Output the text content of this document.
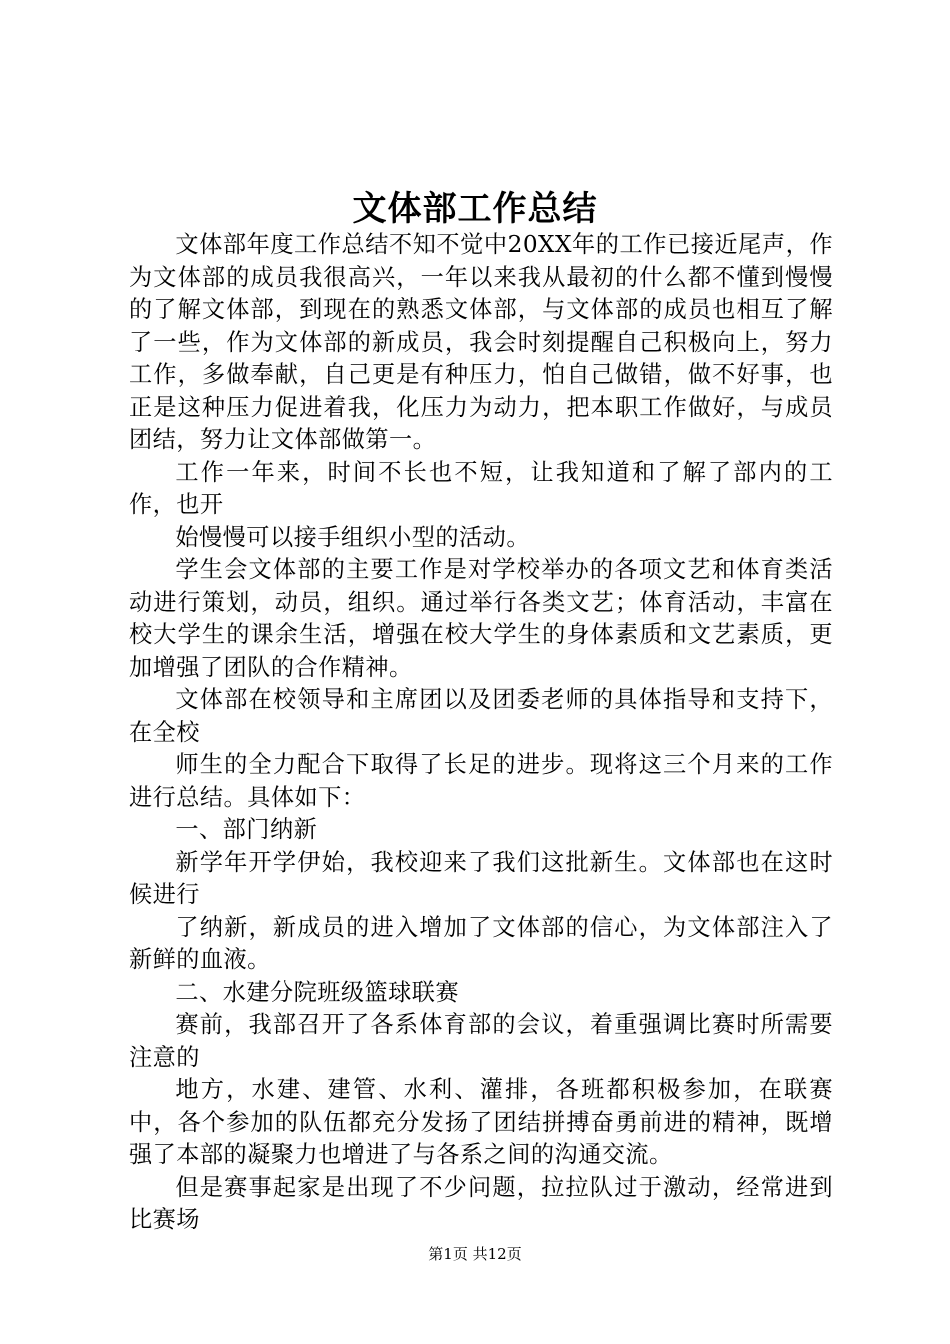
文体部工作总结

文体部年度工作总结不知不觉中20XX年的工作已接近尾声，作为文体部的成员我很高兴，一年以来我从最初的什么都不懂到慢慢的了解文体部，到现在的熟悉文体部，与文体部的成员也相互了解了一些，作为文体部的新成员，我会时刻提醒自己积极向上，努力工作，多做奉献，自己更是有种压力，怕自己做错，做不好事，也正是这种压力促进着我，化压力为动力，把本职工作做好，与成员团结，努力让文体部做第一。

工作一年来，时间不长也不短，让我知道和了解了部内的工作，也开

始慢慢可以接手组织小型的活动。

学生会文体部的主要工作是对学校举办的各项文艺和体育类活动进行策划，动员，组织。通过举行各类文艺；体育活动，丰富在校大学生的课余生活，增强在校大学生的身体素质和文艺素质，更加增强了团队的合作精神。

文体部在校领导和主席团以及团委老师的具体指导和支持下，在全校

师生的全力配合下取得了长足的进步。现将这三个月来的工作进行总结。具体如下：

一、部门纳新

新学年开学伊始，我校迎来了我们这批新生。文体部也在这时候进行

了纳新，新成员的进入增加了文体部的信心，为文体部注入了新鲜的血液。

二、水建分院班级篮球联赛

赛前，我部召开了各系体育部的会议，着重强调比赛时所需要注意的

地方，水建、建管、水利、灌排，各班都积极参加，在联赛中，各个参加的队伍都充分发扬了团结拼搏奋勇前进的精神，既增强了本部的凝聚力也增进了与各系之间的沟通交流。

但是赛事起家是出现了不少问题，拉拉队过于激动，经常进到比赛场

第1页 共12页
